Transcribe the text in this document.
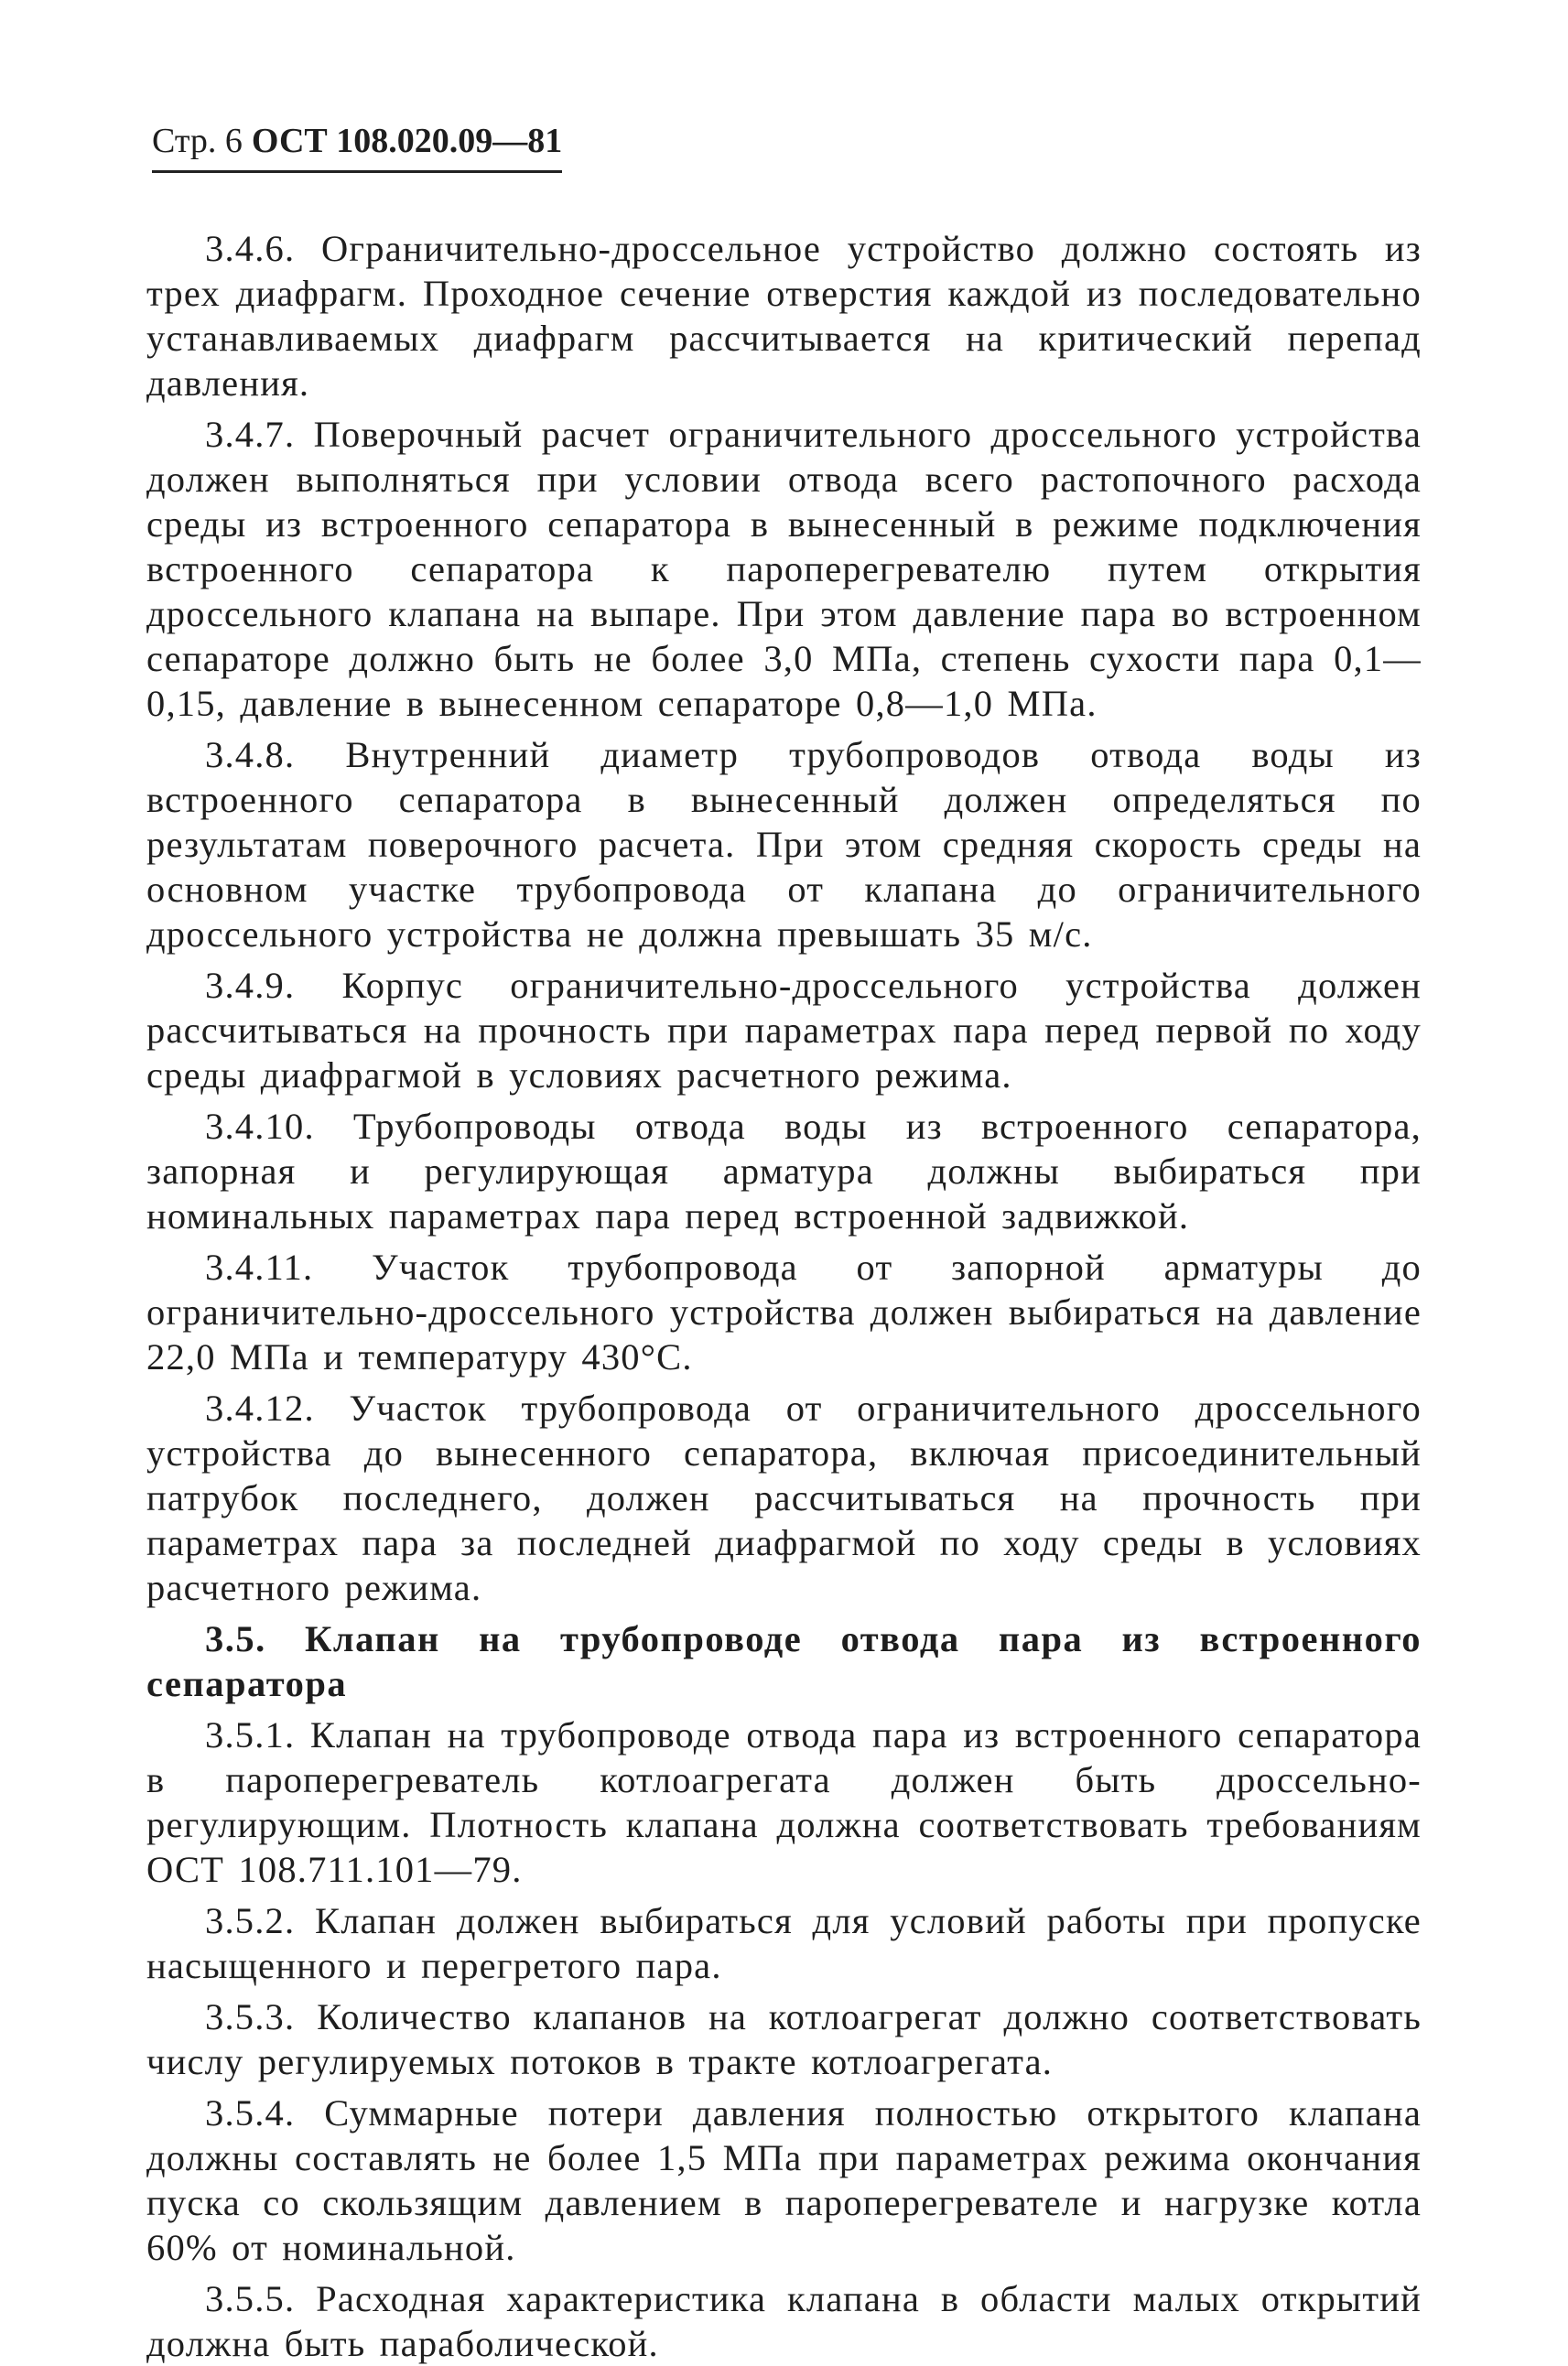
Стр. 6 ОСТ 108.020.09—81

3.4.6. Ограничительно-дроссельное устройство должно состоять из трех диафрагм. Проходное сечение отверстия каждой из последовательно устанавливаемых диафрагм рассчитывается на критический перепад давления.

3.4.7. Поверочный расчет ограничительного дроссельного устройства должен выполняться при условии отвода всего растопочного расхода среды из встроенного сепаратора в вынесенный в режиме подключения встроенного сепаратора к пароперегревателю путем открытия дроссельного клапана на выпаре. При этом давление пара во встроенном сепараторе должно быть не более 3,0 МПа, степень сухости пара 0,1—0,15, давление в вынесенном сепараторе 0,8—1,0 МПа.

3.4.8. Внутренний диаметр трубопроводов отвода воды из встроенного сепаратора в вынесенный должен определяться по результатам поверочного расчета. При этом средняя скорость среды на основном участке трубопровода от клапана до ограничительного дроссельного устройства не должна превышать 35 м/с.

3.4.9. Корпус ограничительно-дроссельного устройства должен рассчитываться на прочность при параметрах пара перед первой по ходу среды диафрагмой в условиях расчетного режима.

3.4.10. Трубопроводы отвода воды из встроенного сепаратора, запорная и регулирующая арматура должны выбираться при номинальных параметрах пара перед встроенной задвижкой.

3.4.11. Участок трубопровода от запорной арматуры до ограничительно-дроссельного устройства должен выбираться на давление 22,0 МПа и температуру 430°С.

3.4.12. Участок трубопровода от ограничительного дроссельного устройства до вынесенного сепаратора, включая присоединительный патрубок последнего, должен рассчитываться на прочность при параметрах пара за последней диафрагмой по ходу среды в условиях расчетного режима.

3.5. Клапан на трубопроводе отвода пара из встроенного сепаратора

3.5.1. Клапан на трубопроводе отвода пара из встроенного сепаратора в пароперегреватель котлоагрегата должен быть дроссельно-регулирующим. Плотность клапана должна соответствовать требованиям ОСТ 108.711.101—79.

3.5.2. Клапан должен выбираться для условий работы при пропуске насыщенного и перегретого пара.

3.5.3. Количество клапанов на котлоагрегат должно соответствовать числу регулируемых потоков в тракте котлоагрегата.

3.5.4. Суммарные потери давления полностью открытого клапана должны составлять не более 1,5 МПа при параметрах режима окончания пуска со скользящим давлением в пароперегревателе и нагрузке котла 60% от номинальной.

3.5.5. Расходная характеристика клапана в области малых открытий должна быть параболической.
